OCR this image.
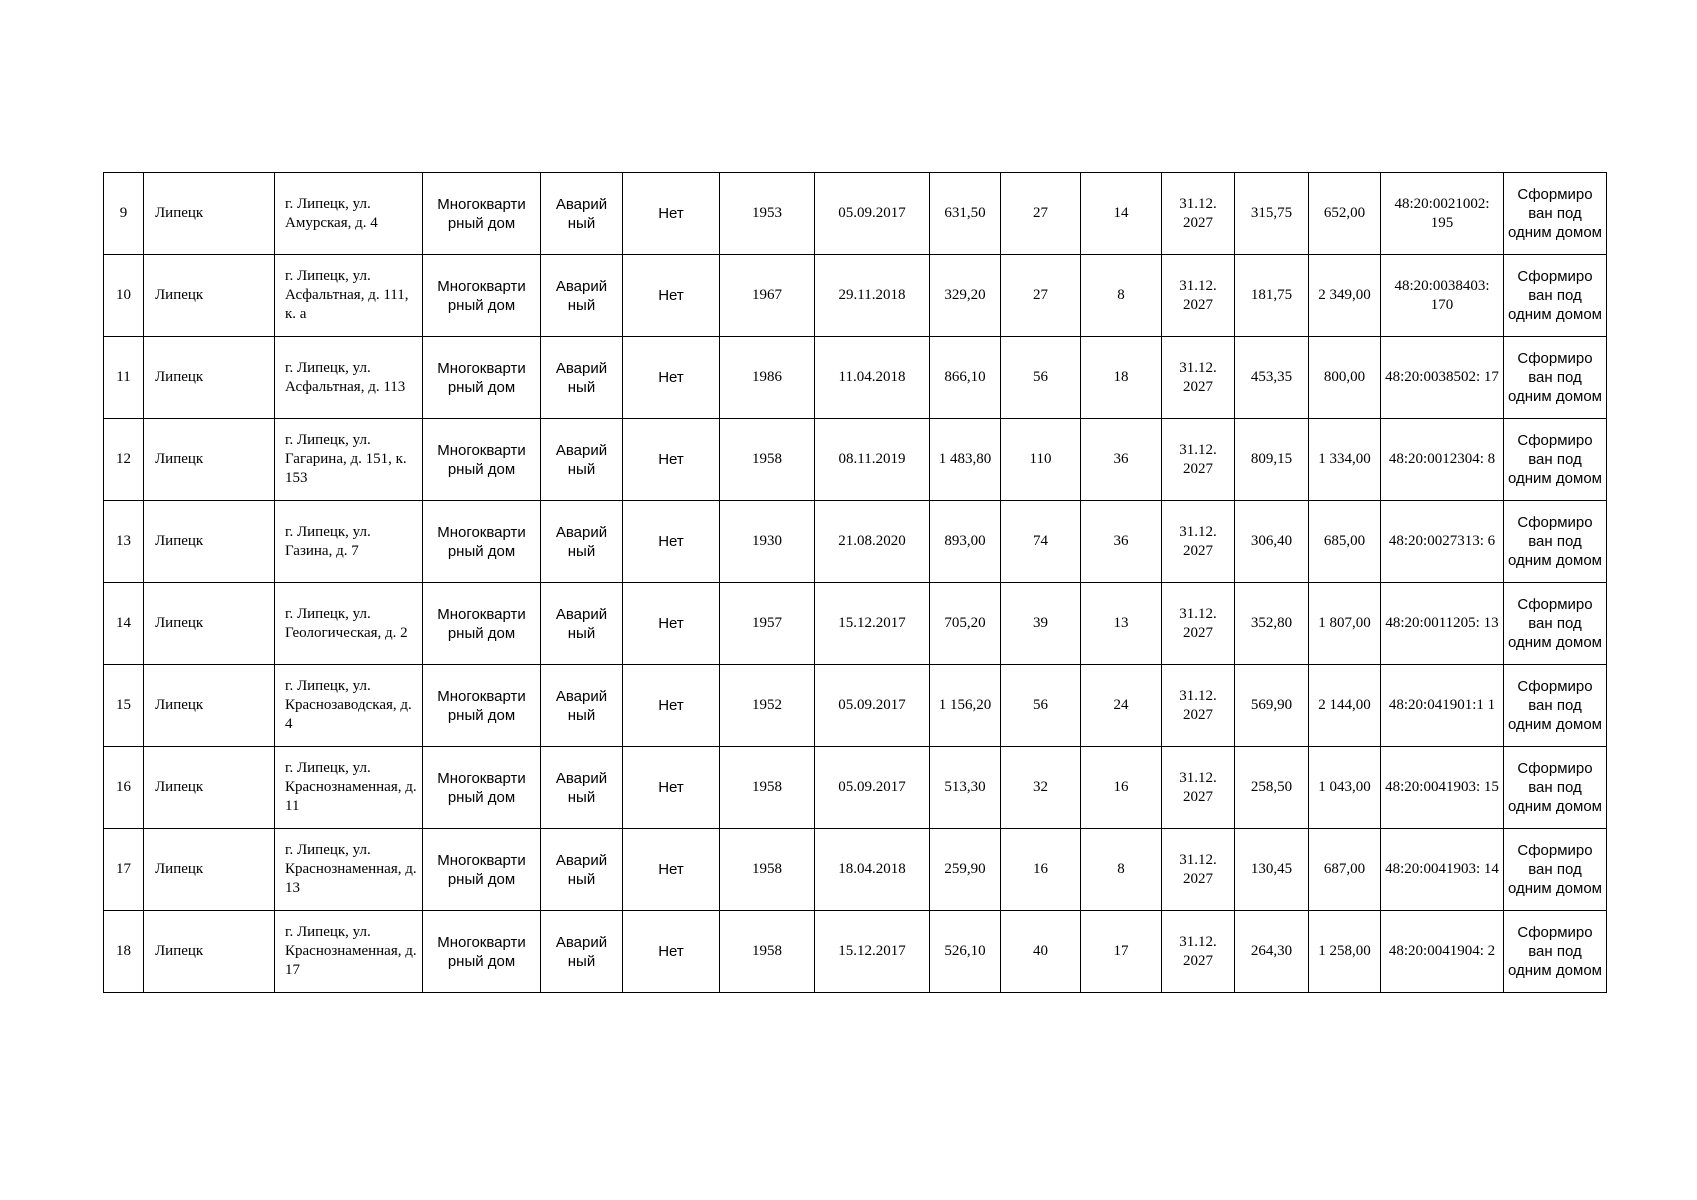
9	Липецк	г. Липецк, ул. Амурская, д. 4	Многокварти рный дом	Аварий ный	Нет	1953	05.09.2017	631,50	27	14	31.12. 2027	315,75	652,00	48:20:0021002: 195	Сформиро ван под одним домом
10	Липецк	г. Липецк, ул. Асфальтная, д. 111, к. а	Многокварти рный дом	Аварий ный	Нет	1967	29.11.2018	329,20	27	8	31.12. 2027	181,75	2 349,00	48:20:0038403: 170	Сформиро ван под одним домом
11	Липецк	г. Липецк, ул. Асфальтная, д. 113	Многокварти рный дом	Аварий ный	Нет	1986	11.04.2018	866,10	56	18	31.12. 2027	453,35	800,00	48:20:0038502: 17	Сформиро ван под одним домом
12	Липецк	г. Липецк, ул. Гагарина, д. 151, к. 153	Многокварти рный дом	Аварий ный	Нет	1958	08.11.2019	1 483,80	110	36	31.12. 2027	809,15	1 334,00	48:20:0012304: 8	Сформиро ван под одним домом
13	Липецк	г. Липецк, ул. Газина, д. 7	Многокварти рный дом	Аварий ный	Нет	1930	21.08.2020	893,00	74	36	31.12. 2027	306,40	685,00	48:20:0027313: 6	Сформиро ван под одним домом
14	Липецк	г. Липецк, ул. Геологическая, д. 2	Многокварти рный дом	Аварий ный	Нет	1957	15.12.2017	705,20	39	13	31.12. 2027	352,80	1 807,00	48:20:0011205: 13	Сформиро ван под одним домом
15	Липецк	г. Липецк, ул. Краснозаводская, д. 4	Многокварти рный дом	Аварий ный	Нет	1952	05.09.2017	1 156,20	56	24	31.12. 2027	569,90	2 144,00	48:20:041901:1 1	Сформиро ван под одним домом
16	Липецк	г. Липецк, ул. Краснознаменная, д. 11	Многокварти рный дом	Аварий ный	Нет	1958	05.09.2017	513,30	32	16	31.12. 2027	258,50	1 043,00	48:20:0041903: 15	Сформиро ван под одним домом
17	Липецк	г. Липецк, ул. Краснознаменная, д. 13	Многокварти рный дом	Аварий ный	Нет	1958	18.04.2018	259,90	16	8	31.12. 2027	130,45	687,00	48:20:0041903: 14	Сформиро ван под одним домом
18	Липецк	г. Липецк, ул. Краснознаменная, д. 17	Многокварти рный дом	Аварий ный	Нет	1958	15.12.2017	526,10	40	17	31.12. 2027	264,30	1 258,00	48:20:0041904: 2	Сформиро ван под одним домом
